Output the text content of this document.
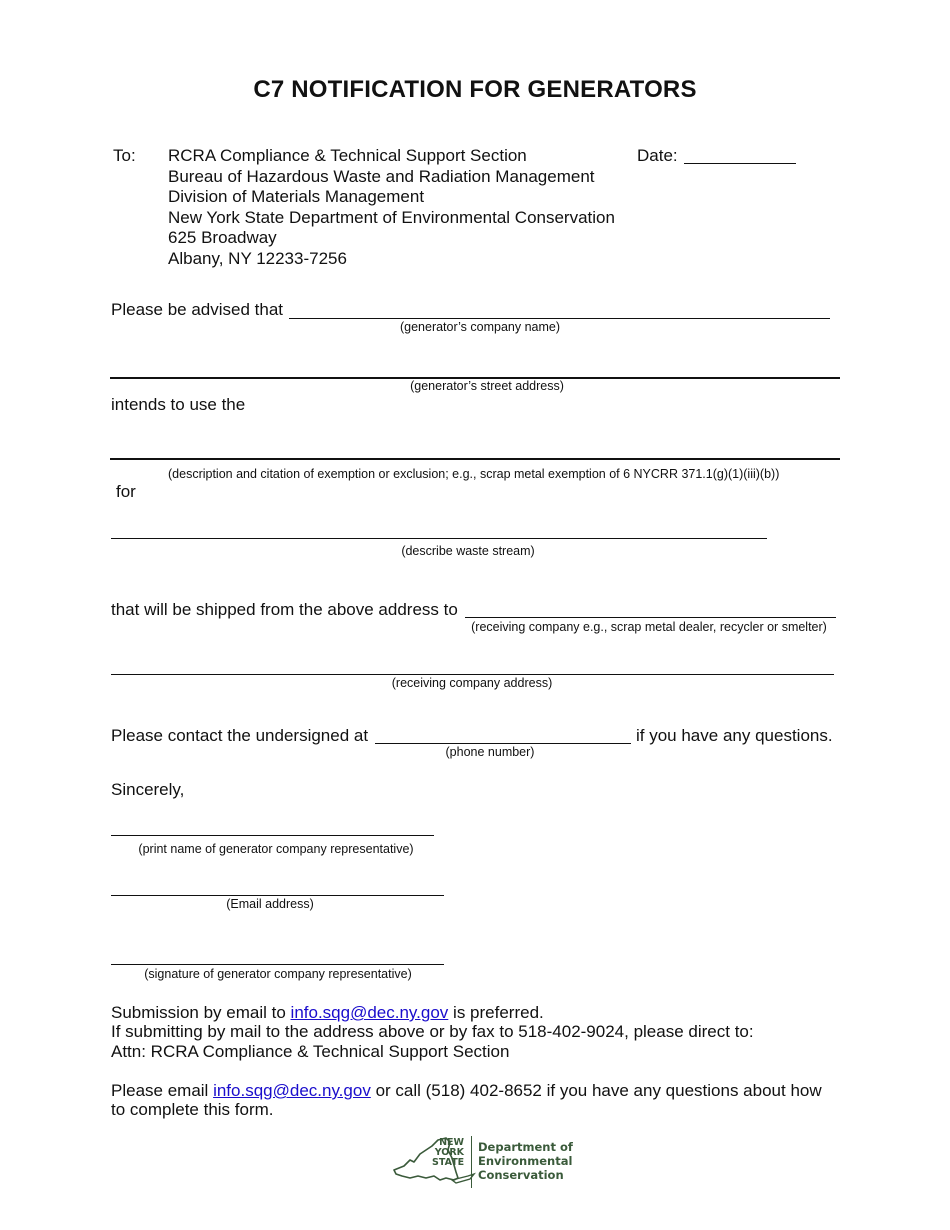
C7 NOTIFICATION FOR GENERATORS
To: RCRA Compliance & Technical Support Section
Bureau of Hazardous Waste and Radiation Management
Division of Materials Management
New York State Department of Environmental Conservation
625 Broadway
Albany, NY 12233-7256
Date:
Please be advised that
(generator’s company name)
(generator’s street address)
intends to use the
(description and citation of exemption or exclusion; e.g., scrap metal exemption of 6 NYCRR 371.1(g)(1)(iii)(b))
for
(describe waste stream)
that will be shipped from the above address to
(receiving company e.g., scrap metal dealer, recycler or smelter)
(receiving company address)
Please contact the undersigned at	if you have any questions.
(phone number)
Sincerely,
(print name of generator company representative)
(Email address)
(signature of generator company representative)
Submission by email to info.sqg@dec.ny.gov is preferred.
If submitting by mail to the address above or by fax to 518-402-9024, please direct to:
Attn: RCRA Compliance & Technical Support Section
Please email info.sqg@dec.ny.gov or call (518) 402-8652 if you have any questions about how
to complete this form.
NEW
YORK
STATE
Department of
Environmental
Conservation
